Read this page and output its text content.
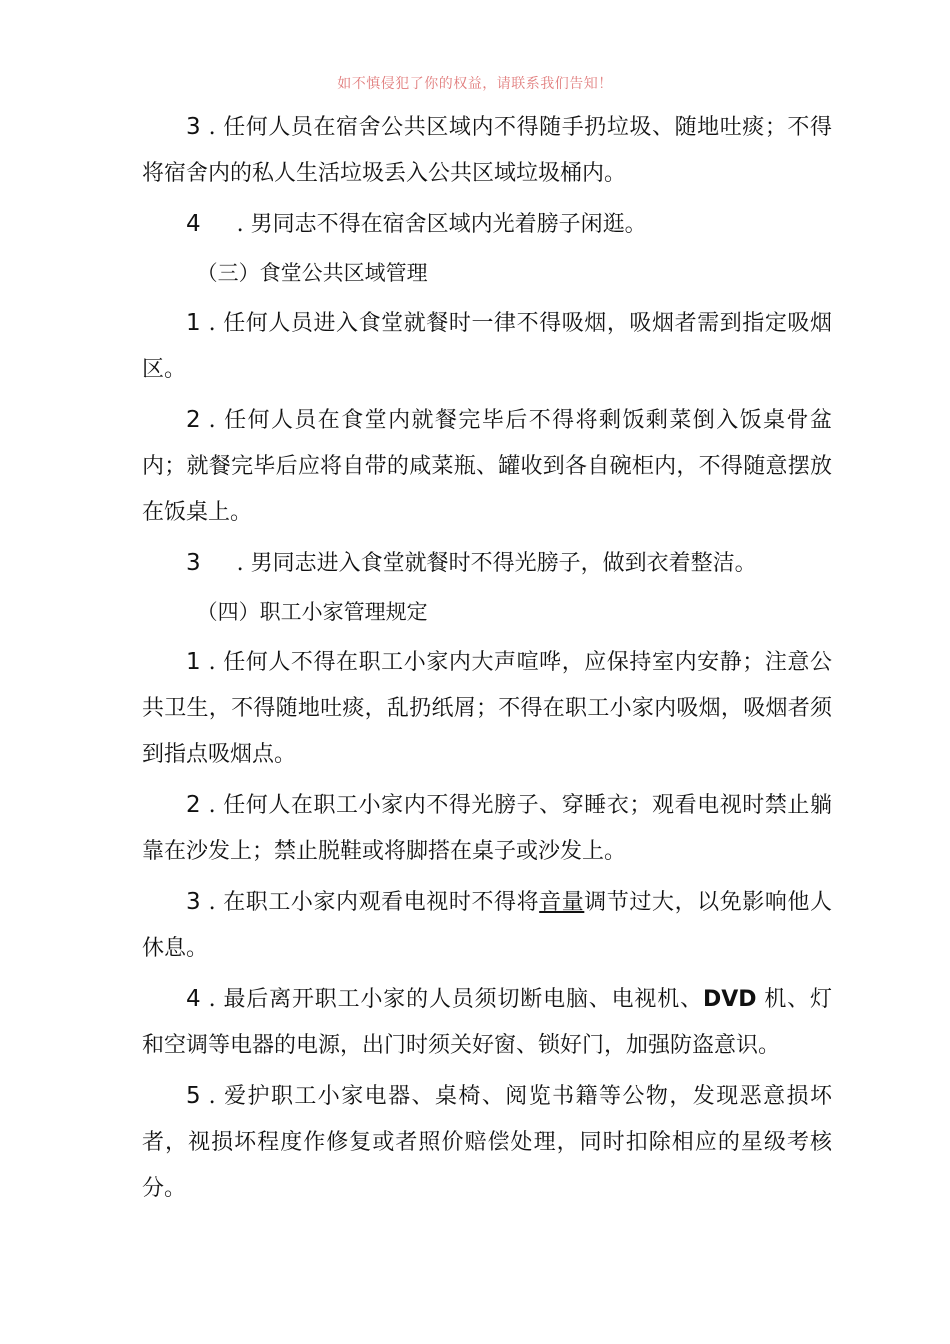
如不慎侵犯了你的权益，请联系我们告知！

3 . 任何人员在宿舍公共区域内不得随手扔垃圾、随地吐痰；不得将宿舍内的私人生活垃圾丢入公共区域垃圾桶内。

4 . 男同志不得在宿舍区域内光着膀子闲逛。

（三）食堂公共区域管理

1 . 任何人员进入食堂就餐时一律不得吸烟，吸烟者需到指定吸烟区。

2 . 任何人员在食堂内就餐完毕后不得将剩饭剩菜倒入饭桌骨盆内；就餐完毕后应将自带的咸菜瓶、罐收到各自碗柜内，不得随意摆放在饭桌上。

3 . 男同志进入食堂就餐时不得光膀子，做到衣着整洁。

（四）职工小家管理规定

1 . 任何人不得在职工小家内大声喧哗，应保持室内安静；注意公共卫生，不得随地吐痰，乱扔纸屑；不得在职工小家内吸烟，吸烟者须到指点吸烟点。

2 . 任何人在职工小家内不得光膀子、穿睡衣；观看电视时禁止躺靠在沙发上；禁止脱鞋或将脚搭在桌子或沙发上。

3 . 在职工小家内观看电视时不得将音量调节过大，以免影响他人休息。

4 . 最后离开职工小家的人员须切断电脑、电视机、DVD 机、灯和空调等电器的电源，出门时须关好窗、锁好门，加强防盗意识。

5 . 爱护职工小家电器、桌椅、阅览书籍等公物，发现恶意损坏者，视损坏程度作修复或者照价赔偿处理，同时扣除相应的星级考核分。
